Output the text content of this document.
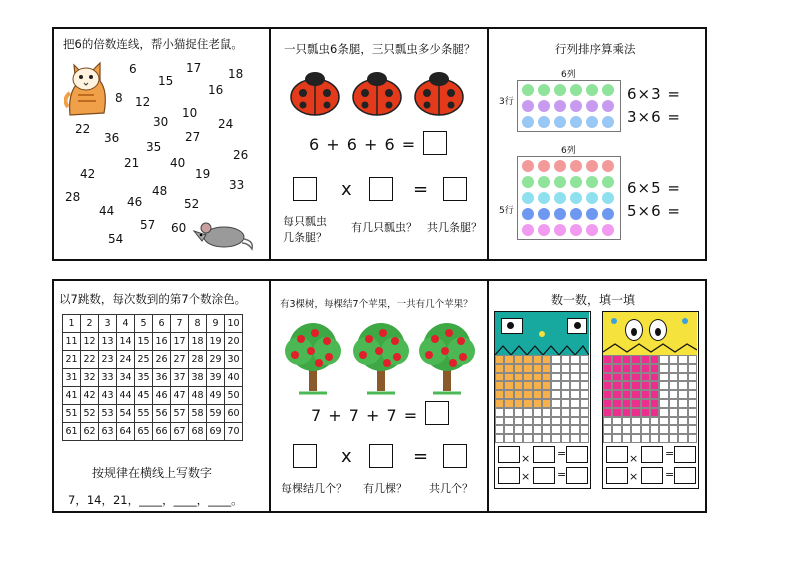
把6的倍数连线，帮小猫捉住老鼠。
6
15
17 18
8 12
16
22	30
10
24
36	27
35
21	40
26
42	19
33
28
44
46
48
52
57 60
54
一只瓢虫6条腿，三只瓢虫多少条腿？
6 + 6 + 6 =
x	=
每只瓢虫
几条腿？
有几只瓢虫？ 共几条腿？
行列排序算乘法
6列
3行	6×3 =
3×6 =
6列
5行
6×5 =
5×6 =
以7跳数，每次数到的第7个数涂色。
1	2	3	4	5	6	7	8	9	10
11	12	13	14	15	16	17	18	19	20
21	22	23	24	25	26	27	28	29	30
31	32	33	34	35	36	37	38	39	40
41	42	43	44	45	46	47	48	49	50
51	52	53	54	55	56	57	58	59	60
61	62	63	64	65	66	67	68	69	70
按规律在横线上写数字
7，14，21，____，____，____。
有3棵树，每棵结7个苹果，一共有几个苹果？
7 + 7 + 7 =
x	=
每棵结几个？ 有几棵？ 共几个？
数一数，填一填
× =
× =
× =
× =
